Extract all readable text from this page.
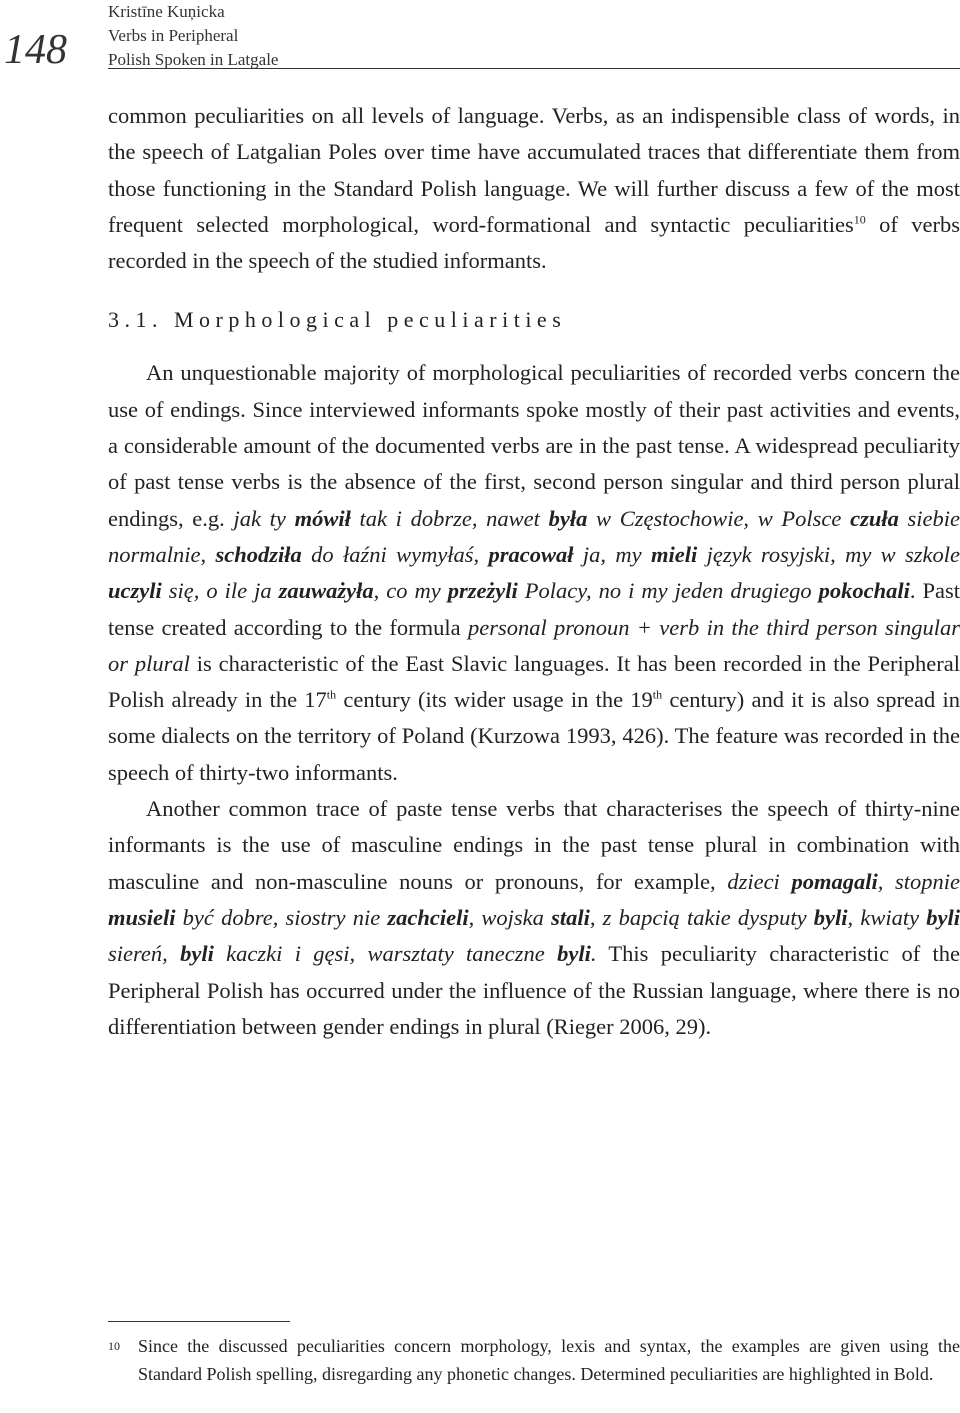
148
Kristīne Kuņicka
Verbs in Peripheral
Polish Spoken in Latgale

common peculiarities on all levels of language. Verbs, as an indispensible class of words, in the speech of Latgalian Poles over time have accumulated traces that differentiate them from those functioning in the Standard Polish language. We will further discuss a few of the most frequent selected morphological, word-formational and syntactic peculiarities$^{10}$ of verbs recorded in the speech of the studied informants.

3.1. Morphological peculiarities

An unquestionable majority of morphological peculiarities of recorded verbs concern the use of endings. Since interviewed informants spoke mostly of their past activities and events, a considerable amount of the documented verbs are in the past tense. A widespread peculiarity of past tense verbs is the absence of the first, second person singular and third person plural endings, e.g. jak ty mówił tak i dobrze, nawet była w Częstochowie, w Polsce czuła siebie normalnie, schodziła do łaźni wymyłaś, pracował ja, my mieli język rosyjski, my w szkole uczyli się, o ile ja zauważyła, co my przeżyli Polacy, no i my jeden drugiego pokochali. Past tense created according to the formula personal pronoun + verb in the third person singular or plural is characteristic of the East Slavic languages. It has been recorded in the Peripheral Polish already in the 17th century (its wider usage in the 19th century) and it is also spread in some dialects on the territory of Poland (Kurzowa 1993, 426). The feature was recorded in the speech of thirty-two informants.

Another common trace of paste tense verbs that characterises the speech of thirty-nine informants is the use of masculine endings in the past tense plural in combination with masculine and non-masculine nouns or pronouns, for example, dzieci pomagali, stopnie musieli być dobre, siostry nie zachcieli, wojska stali, z bapcią takie dysputy byli, kwiaty byli siereń, byli kaczki i gęsi, warsztaty taneczne byli. This peculiarity characteristic of the Peripheral Polish has occurred under the influence of the Russian language, where there is no differentiation between gender endings in plural (Rieger 2006, 29).

10 Since the discussed peculiarities concern morphology, lexis and syntax, the examples are given using the Standard Polish spelling, disregarding any phonetic changes. Determined peculiarities are highlighted in Bold.
